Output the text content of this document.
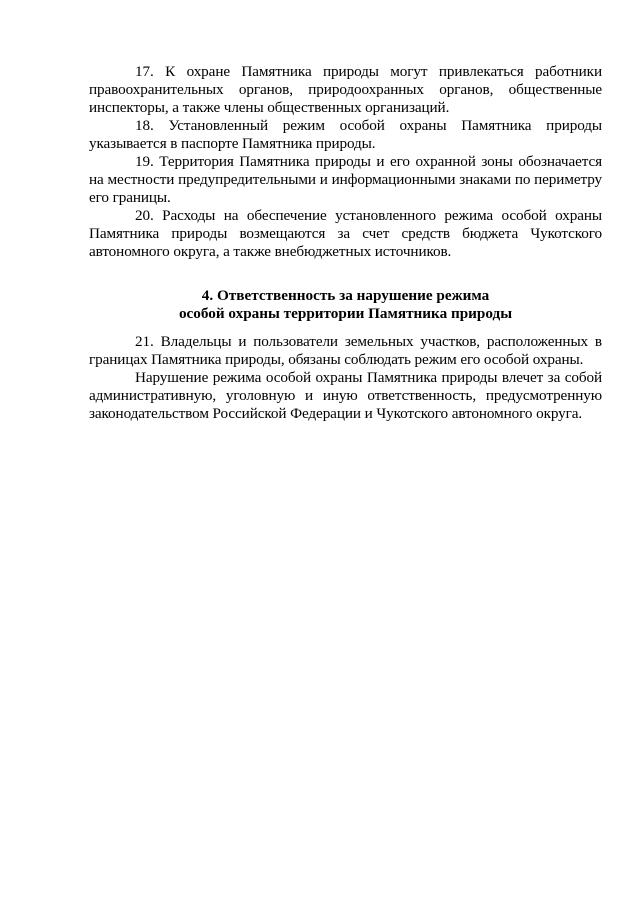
17. К охране Памятника природы могут привлекаться работники правоохранительных органов, природоохранных органов, общественные инспекторы, а также члены общественных организаций.

18. Установленный режим особой охраны Памятника природы указывается в паспорте Памятника природы.

19. Территория Памятника природы и его охранной зоны обозначается на местности предупредительными и информационными знаками по периметру его границы.

20. Расходы на обеспечение установленного режима особой охраны Памятника природы возмещаются за счет средств бюджета Чукотского автономного округа, а также внебюджетных источников.

4. Ответственность за нарушение режима
особой охраны территории Памятника природы

21. Владельцы и пользователи земельных участков, расположенных в границах Памятника природы, обязаны соблюдать режим его особой охраны.

Нарушение режима особой охраны Памятника природы влечет за собой административную, уголовную и иную ответственность, предусмотренную законодательством Российской Федерации и Чукотского автономного округа.
